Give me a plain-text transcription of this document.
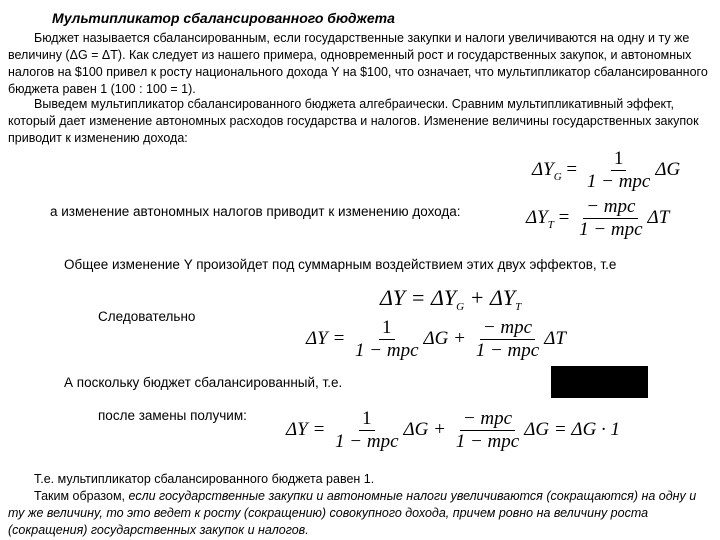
Мультипликатор сбалансированного бюджета
Бюджет называется сбалансированным, если государственные закупки и налоги увеличиваются на одну и ту же величину (ΔG = ΔT). Как следует из нашего примера, одновременный рост и государственных закупок, и автономных налогов на $100 привел к росту национального дохода Y на $100, что означает, что мультипликатор сбалансированного бюджета равен 1 (100 : 100 = 1).
Выведем мультипликатор сбалансированного бюджета алгебраически. Сравним мультипликативный эффект, который дает изменение автономных расходов государства и налогов. Изменение величины государственных закупок приводит к изменению дохода:
$\Delta Y_G = \frac{1}{\text{1 − mpc}}$ ΔG
а изменение автономных налогов приводит к изменению дохода:	$\Delta Y_T = \frac{\text{− mpc}}{\text{1 − mpc}}$ ΔT
Общее изменение Y произойдет под суммарным воздействием этих двух эффектов, т.е
$\Delta Y = \Delta Y_G + \Delta Y_T$
Следовательно
$\Delta Y = \frac{1}{\text{1 − mpc}}$ $\Delta G + \frac{\text{− mpc}}{\text{1 − mpc}}$ ΔT
А поскольку бюджет сбалансированный, т.е.
после замены получим:
$\Delta Y = \frac{1}{\text{1 − mpc}}$ $\Delta G + \frac{\text{− mpc}}{\text{1 − mpc}}$ ΔG = ΔG · 1
Т.е. мультипликатор сбалансированного бюджета равен 1.
Таким образом, если государственные закупки и автономные налоги увеличиваются (сокращаются) на одну и ту же величину, то это ведет к росту (сокращению) совокупного дохода, причем ровно на величину роста (сокращения) государственных закупок и налогов.
